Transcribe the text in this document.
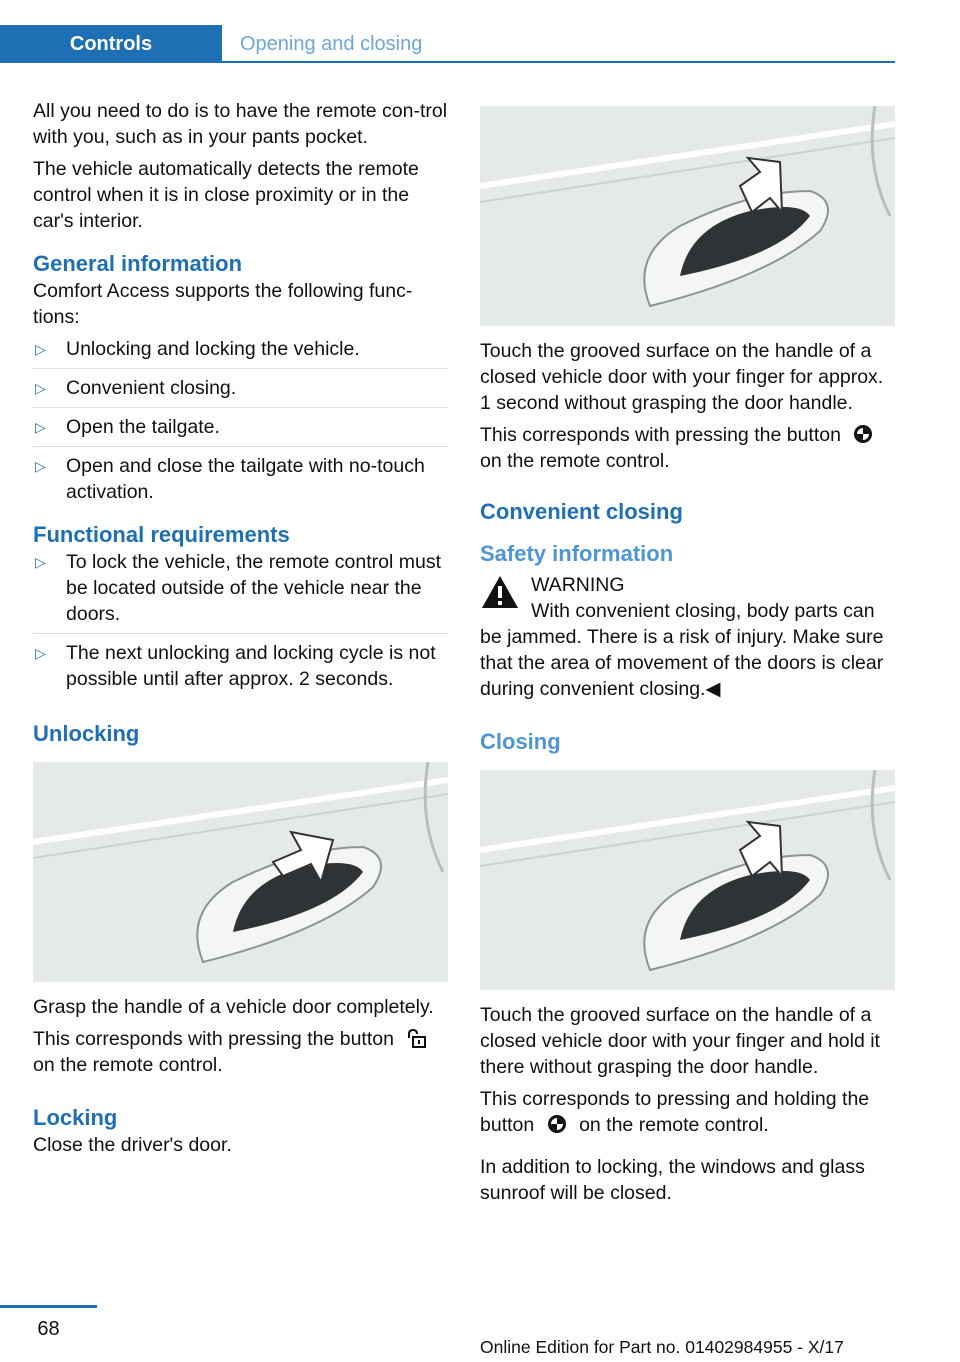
Controls	Opening and closing

All you need to do is to have the remote con-trol with you, such as in your pants pocket.

The vehicle automatically detects the remote control when it is in close proximity or in the car's interior.

General information

Comfort Access supports the following func-tions:

▷ Unlocking and locking the vehicle.
▷ Convenient closing.
▷ Open the tailgate.
▷ Open and close the tailgate with no-touch activation.
Functional requirements
▷ To lock the vehicle, the remote control must be located outside of the vehicle near the doors.
▷ The next unlocking and locking cycle is not possible until after approx. 2 seconds.
Unlocking

Grasp the handle of a vehicle door completely.

This corresponds with pressing the button
on the remote control.

Locking

Close the driver's door.

Touch the grooved surface on the handle of a closed vehicle door with your finger for approx. 1 second without grasping the door handle.

This corresponds with pressing the button
on the remote control.

Convenient closing
Safety information
WARNING

With convenient closing, body parts can be jammed. There is a risk of injury. Make sure that the area of movement of the doors is clear during convenient closing.◀

Closing

Touch the grooved surface on the handle of a closed vehicle door with your finger and hold it there without grasping the door handle.

This corresponds to pressing and holding the button on the remote control.

In addition to locking, the windows and glass sunroof will be closed.

68
Online Edition for Part no. 01402984955 - X/17
